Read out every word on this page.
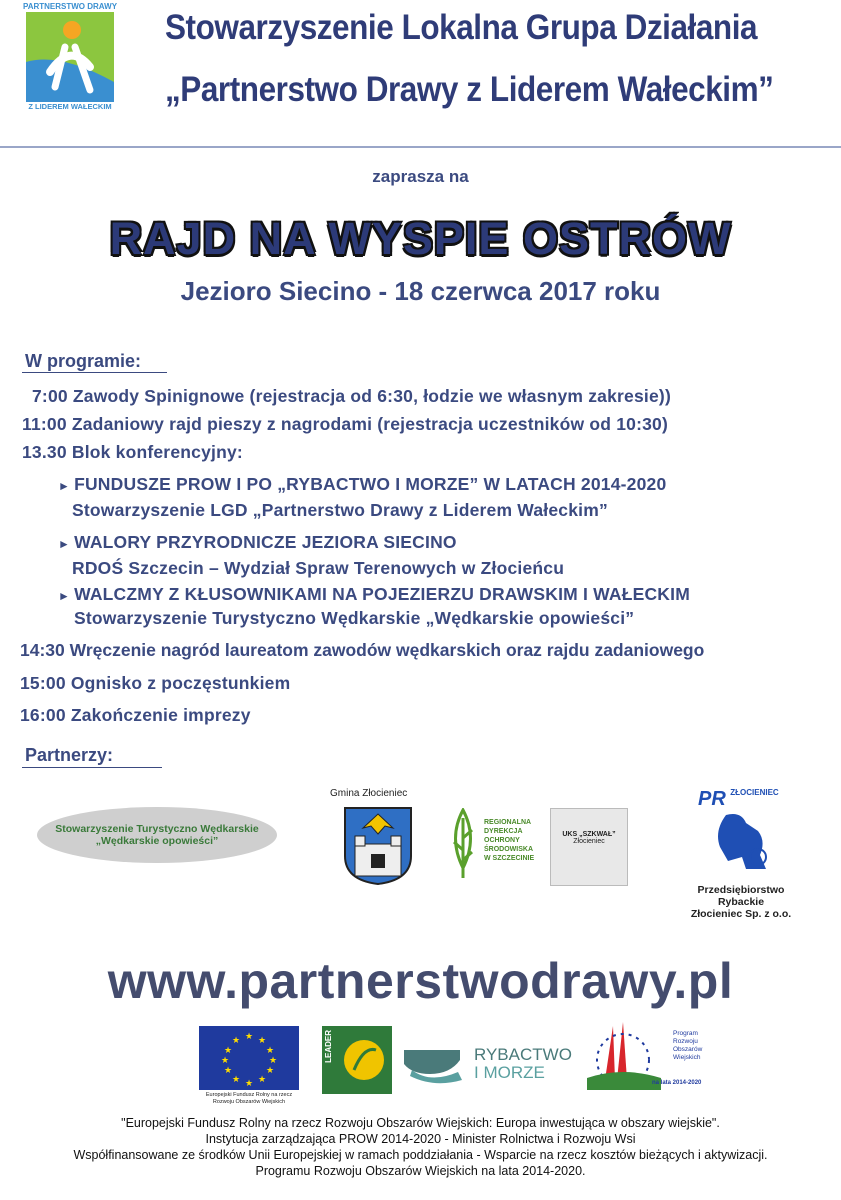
PARTNERSTWO DRAWY
Z LIDEREM WAŁECKIM
Stowarzyszenie Lokalna Grupa Działania
„Partnerstwo Drawy z Liderem Wałeckim”
zaprasza na
RAJD NA WYSPIE OSTRÓW
Jezioro Siecino - 18 czerwca 2017 roku
W programie:
7:00 Zawody Spinignowe (rejestracja od 6:30, łodzie we własnym zakresie))
11:00 Zadaniowy rajd pieszy z nagrodami (rejestracja uczestników od 10:30)
13.30 Blok konferencyjny:
► FUNDUSZE PROW I PO „RYBACTWO I MORZE” W LATACH 2014-2020
Stowarzyszenie LGD „Partnerstwo Drawy z Liderem Wałeckim”
► WALORY PRZYRODNICZE JEZIORA SIECINO
RDOŚ Szczecin – Wydział Spraw Terenowych w Złocieńcu
► WALCZMY Z KŁUSOWNIKAMI NA POJEZIERZU DRAWSKIM I WAŁECKIM
Stowarzyszenie Turystyczno Wędkarskie „Wędkarskie opowieści”
14:30 Wręczenie nagród laureatom zawodów wędkarskich oraz rajdu zadaniowego
15:00 Ognisko z poczęstunkiem
16:00 Zakończenie imprezy
Partnerzy:
Stowarzyszenie Turystyczno Wędkarskie
„Wędkarskie opowieści”
Gmina Złocieniec
REGIONALNA
DYREKCJA
OCHRONY
ŚRODOWISKA
W SZCZECINIE
UKS „SZKWAŁ”
Złocieniec
PR $^{ZŁOCIENIEC}$
Przedsiębiorstwo Rybackie
Złocieniec Sp. z o.o.
www.partnerstwodrawy.pl
★ ★
★
★
★
★
★
★
★
★
★
★
Europejski Fundusz Rolny na rzecz
Rozwoju Obszarów Wiejskich
LEADER	RYBACTWO
I MORZE
Program
Rozwoju
Obszarów
Wiejskich
na lata 2014-2020
"Europejski Fundusz Rolny na rzecz Rozwoju Obszarów Wiejskich: Europa inwestująca w obszary wiejskie".
Instytucja zarządzająca PROW 2014-2020 - Minister Rolnictwa i Rozwoju Wsi
Współfinansowane ze środków Unii Europejskiej w ramach poddziałania - Wsparcie na rzecz kosztów bieżących i aktywizacji.
Programu Rozwoju Obszarów Wiejskich na lata 2014-2020.
